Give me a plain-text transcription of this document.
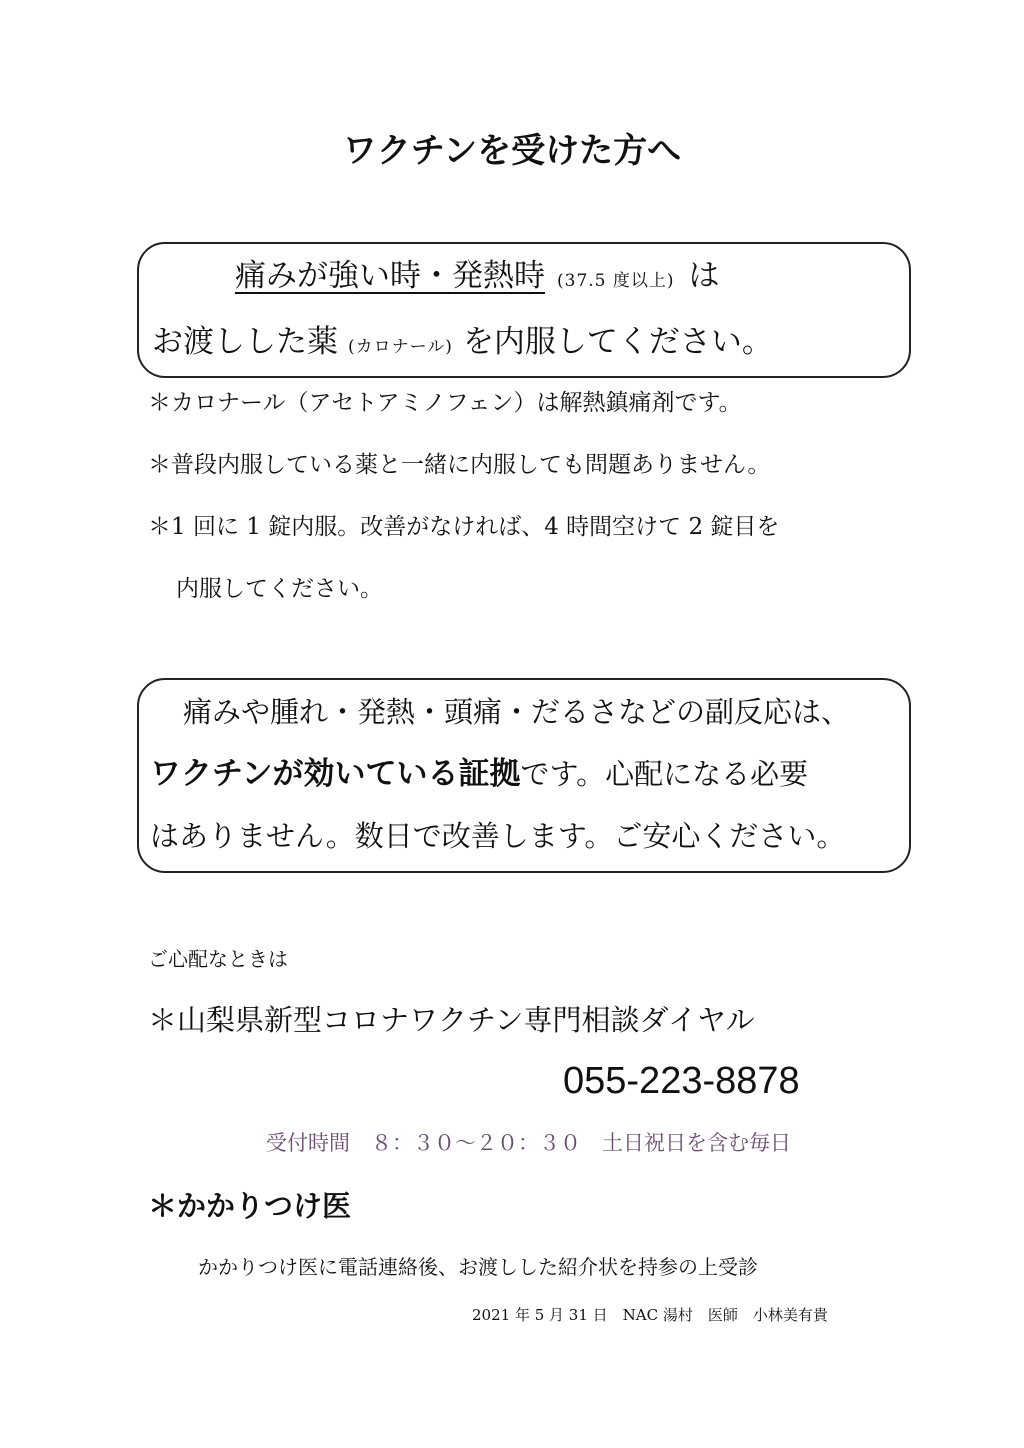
ワクチンを受けた方へ
痛みが強い時・発熱時 (37.5 度以上) は
お渡しした薬 (カロナール) を内服してください。
＊カロナール（アセトアミノフェン）は解熱鎮痛剤です。
＊普段内服している薬と一緒に内服しても問題ありません。
＊1 回に 1 錠内服。改善がなければ、4 時間空けて 2 錠目を
内服してください。
痛みや腫れ・発熱・頭痛・だるさなどの副反応は、
ワクチンが効いている証拠です。心配になる必要
はありません。数日で改善します。ご安心ください。
ご心配なときは
＊山梨県新型コロナワクチン専門相談ダイヤル
055-223-8878
受付時間　８：３０～２０：３０　土日祝日を含む毎日
＊かかりつけ医
かかりつけ医に電話連絡後、お渡しした紹介状を持参の上受診
2021 年 5 月 31 日　NAC 湯村　医師　小林美有貴
